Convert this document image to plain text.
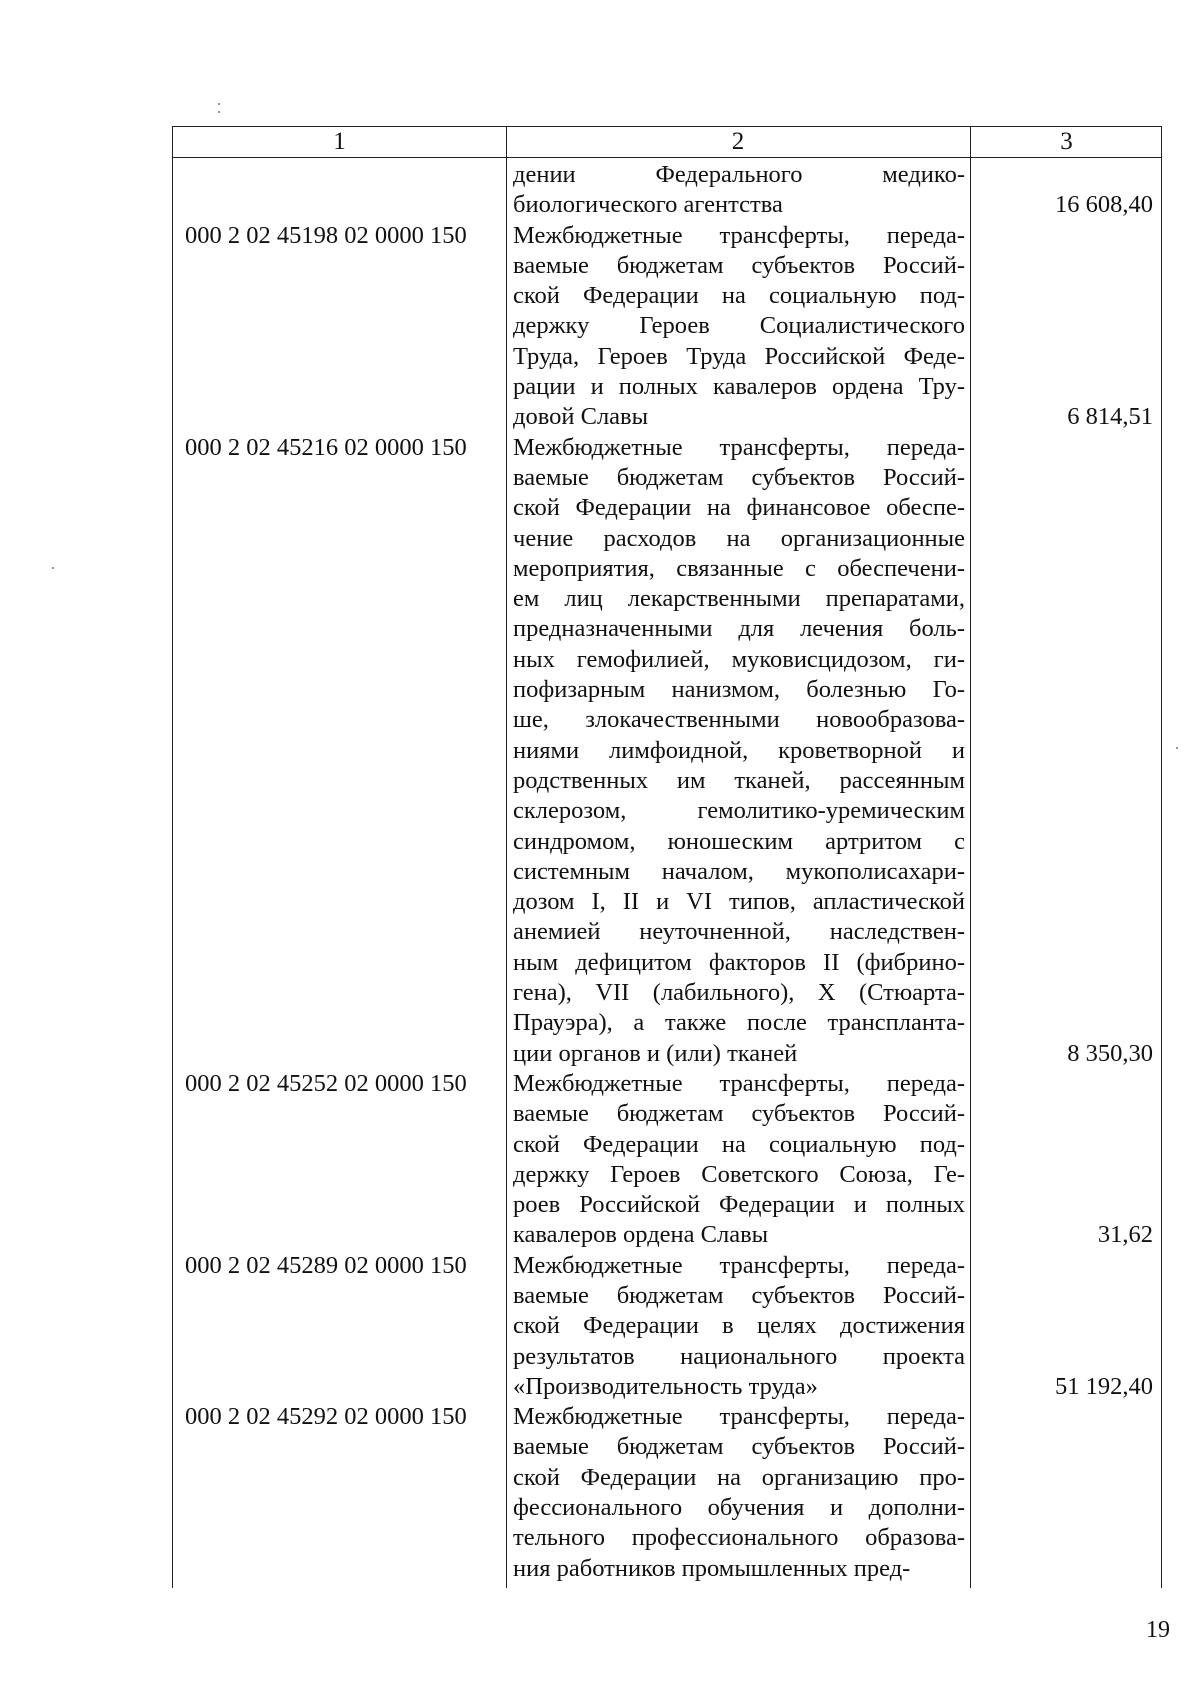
1	2	3
дении Федерального медико-
биологического агентства	16 608,40
000 2 02 45198 02 0000 150	Межбюджетные трансферты, переда-
ваемые бюджетам субъектов Россий-
ской Федерации на социальную под-
держку Героев Социалистического
Труда, Героев Труда Российской Феде-
рации и полных кавалеров ордена Тру-
довой Славы	6 814,51
000 2 02 45216 02 0000 150	Межбюджетные трансферты, переда-
ваемые бюджетам субъектов Россий-
ской Федерации на финансовое обеспе-
чение расходов на организационные
мероприятия, связанные с обеспечени-
ем лиц лекарственными препаратами,
предназначенными для лечения боль-
ных гемофилией, муковисцидозом, ги-
пофизарным нанизмом, болезнью Го-
ше, злокачественными новообразова-
ниями лимфоидной, кроветворной и
родственных им тканей, рассеянным
склерозом, гемолитико-уремическим
синдромом, юношеским артритом с
системным началом, мукополисахари-
дозом I, II и VI типов, апластической
анемией неуточненной, наследствен-
ным дефицитом факторов II (фибрино-
гена), VII (лабильного), X (Стюарта-
Прауэра), а также после транспланта-
ции органов и (или) тканей	8 350,30
000 2 02 45252 02 0000 150	Межбюджетные трансферты, переда-
ваемые бюджетам субъектов Россий-
ской Федерации на социальную под-
держку Героев Советского Союза, Ге-
роев Российской Федерации и полных
кавалеров ордена Славы	31,62
000 2 02 45289 02 0000 150	Межбюджетные трансферты, переда-
ваемые бюджетам субъектов Россий-
ской Федерации в целях достижения
результатов национального проекта
«Производительность труда»	51 192,40
000 2 02 45292 02 0000 150	Межбюджетные трансферты, переда-
ваемые бюджетам субъектов Россий-
ской Федерации на организацию про-
фессионального обучения и дополни-
тельного профессионального образова-
ния работников промышленных пред-
19
